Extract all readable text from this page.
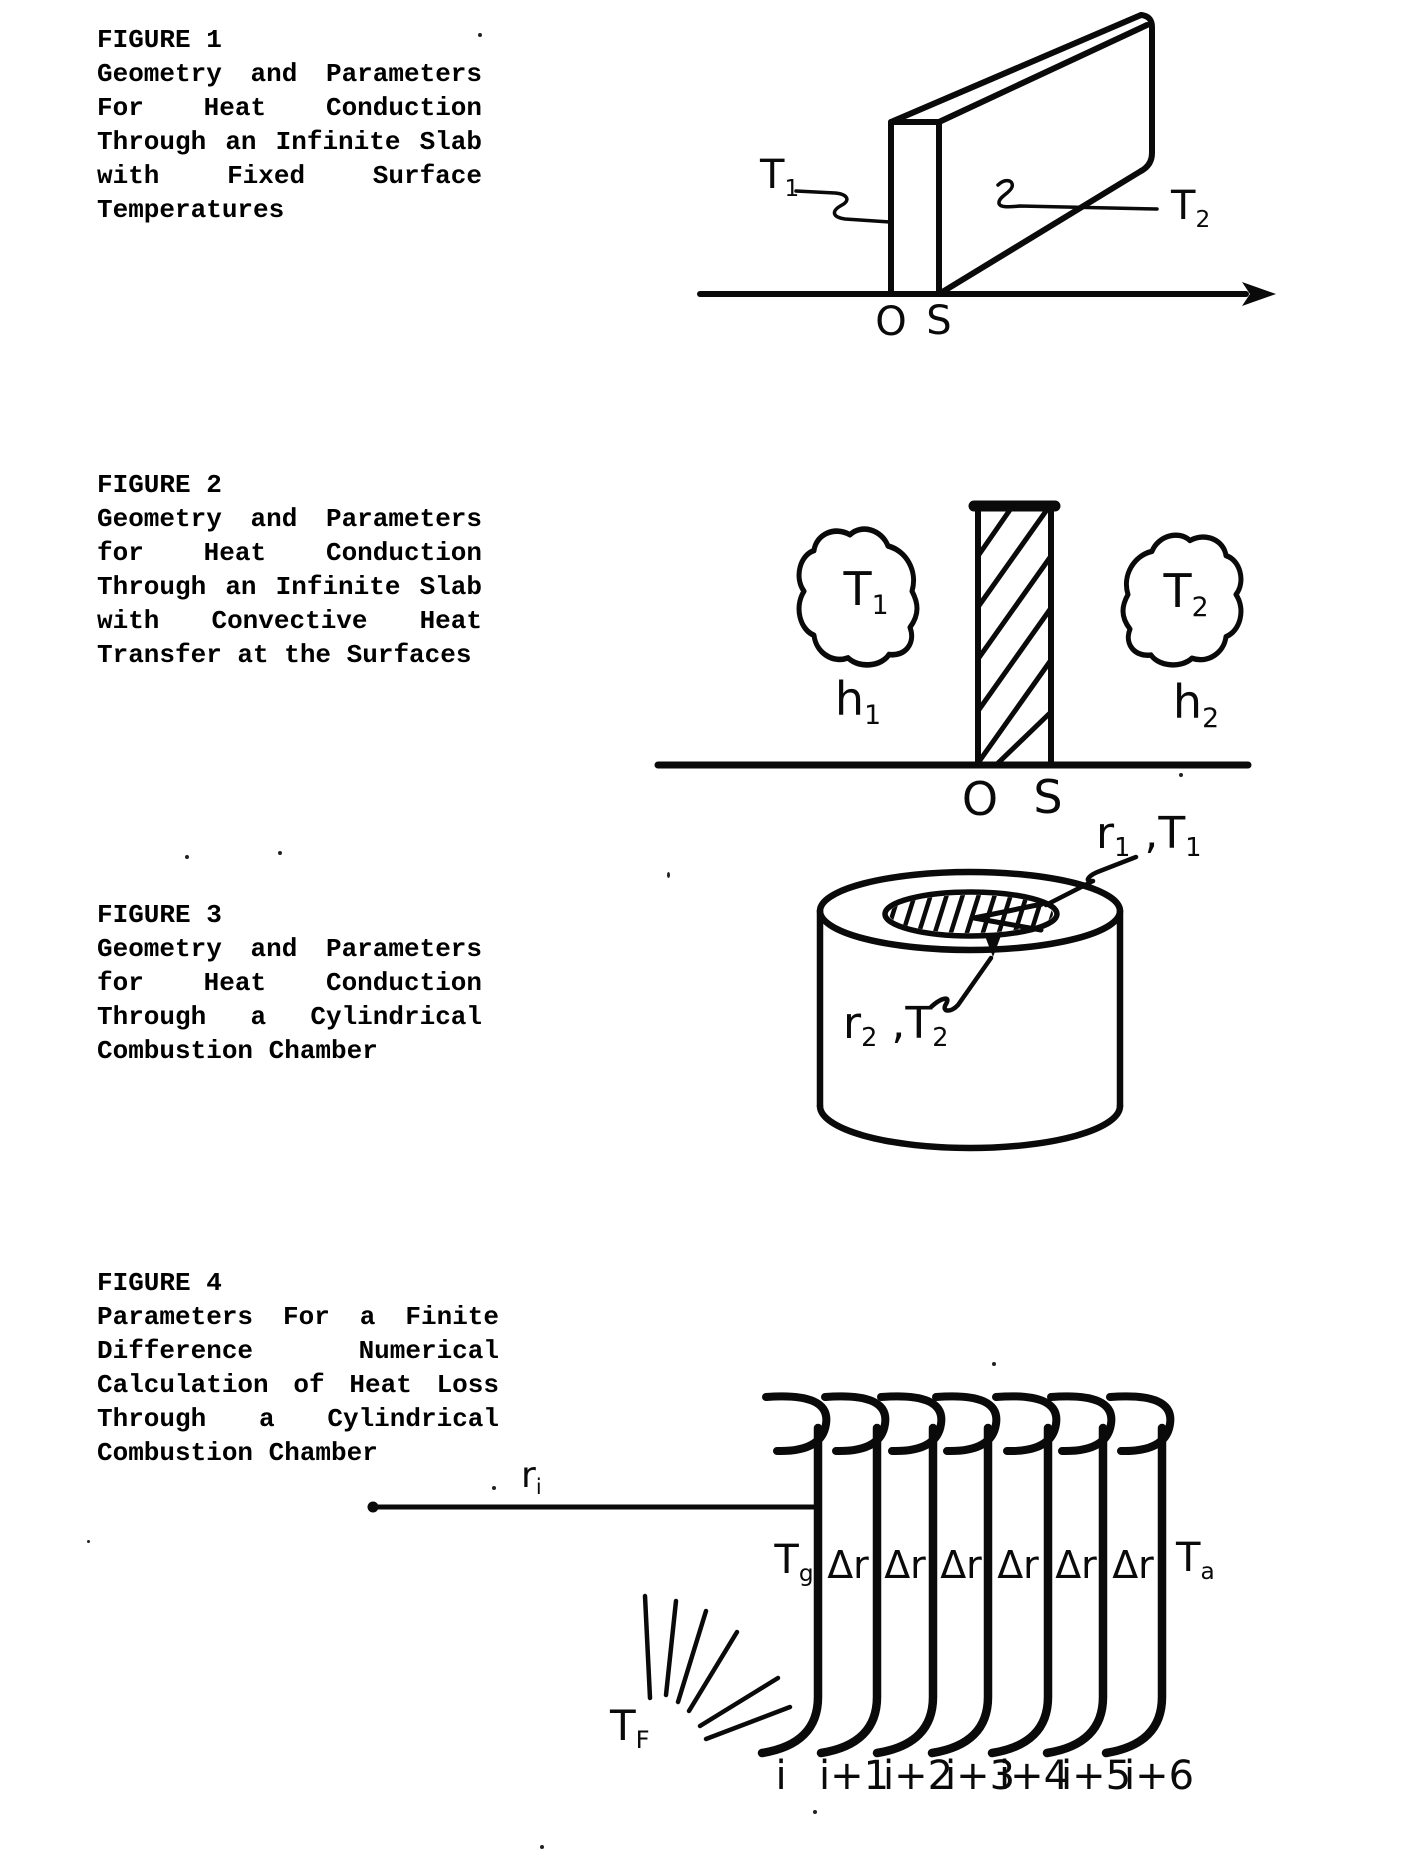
FIGURE 1
Geometry and Parameters
For Heat Conduction
Through an Infinite Slab
with Fixed Surface
Temperatures
T1	T2
O S
FIGURE 2
Geometry and Parameters
for Heat Conduction
Through an Infinite Slab
with Convective Heat
Transfer at the Surfaces
T1
h1
T2
h2
O S
FIGURE 3
Geometry and Parameters
for Heat Conduction
Through a Cylindrical
Combustion Chamber
r1 ,T1
r2 ,T2
FIGURE 4
Parameters For a Finite
Difference Numerical
Calculation of Heat Loss
Through a Cylindrical
Combustion Chamber
ri
Tg Δr Δr Δr Δr Δr Δr Ta
TF
i i+1
i+2
i+3
i+4
i+5
i+6
